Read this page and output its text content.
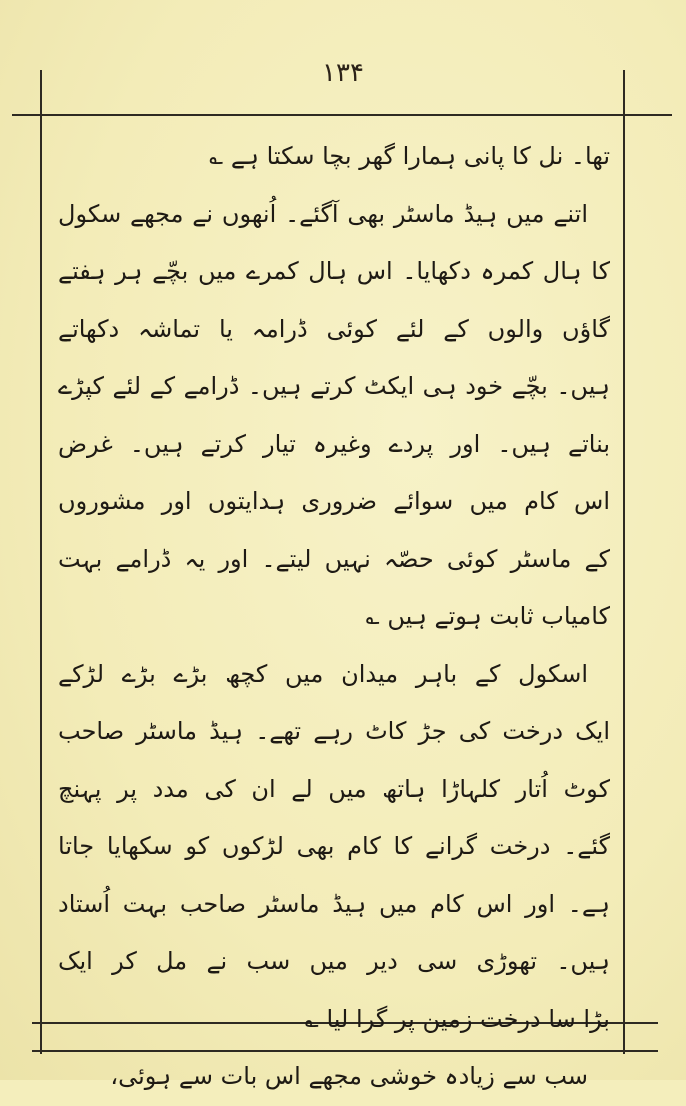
۱۳۴
تھا۔ نل کا پانی ہمارا گھر بچا سکتا ہے ؎
اتنے میں ہیڈ ماسٹر بھی آگئے۔ اُنھوں نے مجھے سکول
کا ہال کمرہ دکھایا۔ اس ہال کمرے میں بچّے ہر ہفتے
گاؤں والوں کے لئے کوئی ڈرامہ یا تماشہ دکھاتے
ہیں۔ بچّے خود ہی ایکٹ کرتے ہیں۔ ڈرامے کے لئے کپڑے
بناتے ہیں۔ اور پردے وغیرہ تیار کرتے ہیں۔ غرض
اس کام میں سوائے ضروری ہدایتوں اور مشوروں
کے ماسٹر کوئی حصّہ نہیں لیتے۔ اور یہ ڈرامے بہت
کامیاب ثابت ہوتے ہیں ؎
اسکول کے باہر میدان میں کچھ بڑے بڑے لڑکے
ایک درخت کی جڑ کاٹ رہے تھے۔ ہیڈ ماسٹر صاحب
کوٹ اُتار کلہاڑا ہاتھ میں لے ان کی مدد پر پہنچ
گئے۔ درخت گرانے کا کام بھی لڑکوں کو سکھایا جاتا
ہے۔ اور اس کام میں ہیڈ ماسٹر صاحب بہت اُستاد
ہیں۔ تھوڑی سی دیر میں سب نے مل کر ایک
بڑا سا درخت زمین پر گرا لیا ؎
سب سے زیادہ خوشی مجھے اس بات سے ہوئی،
